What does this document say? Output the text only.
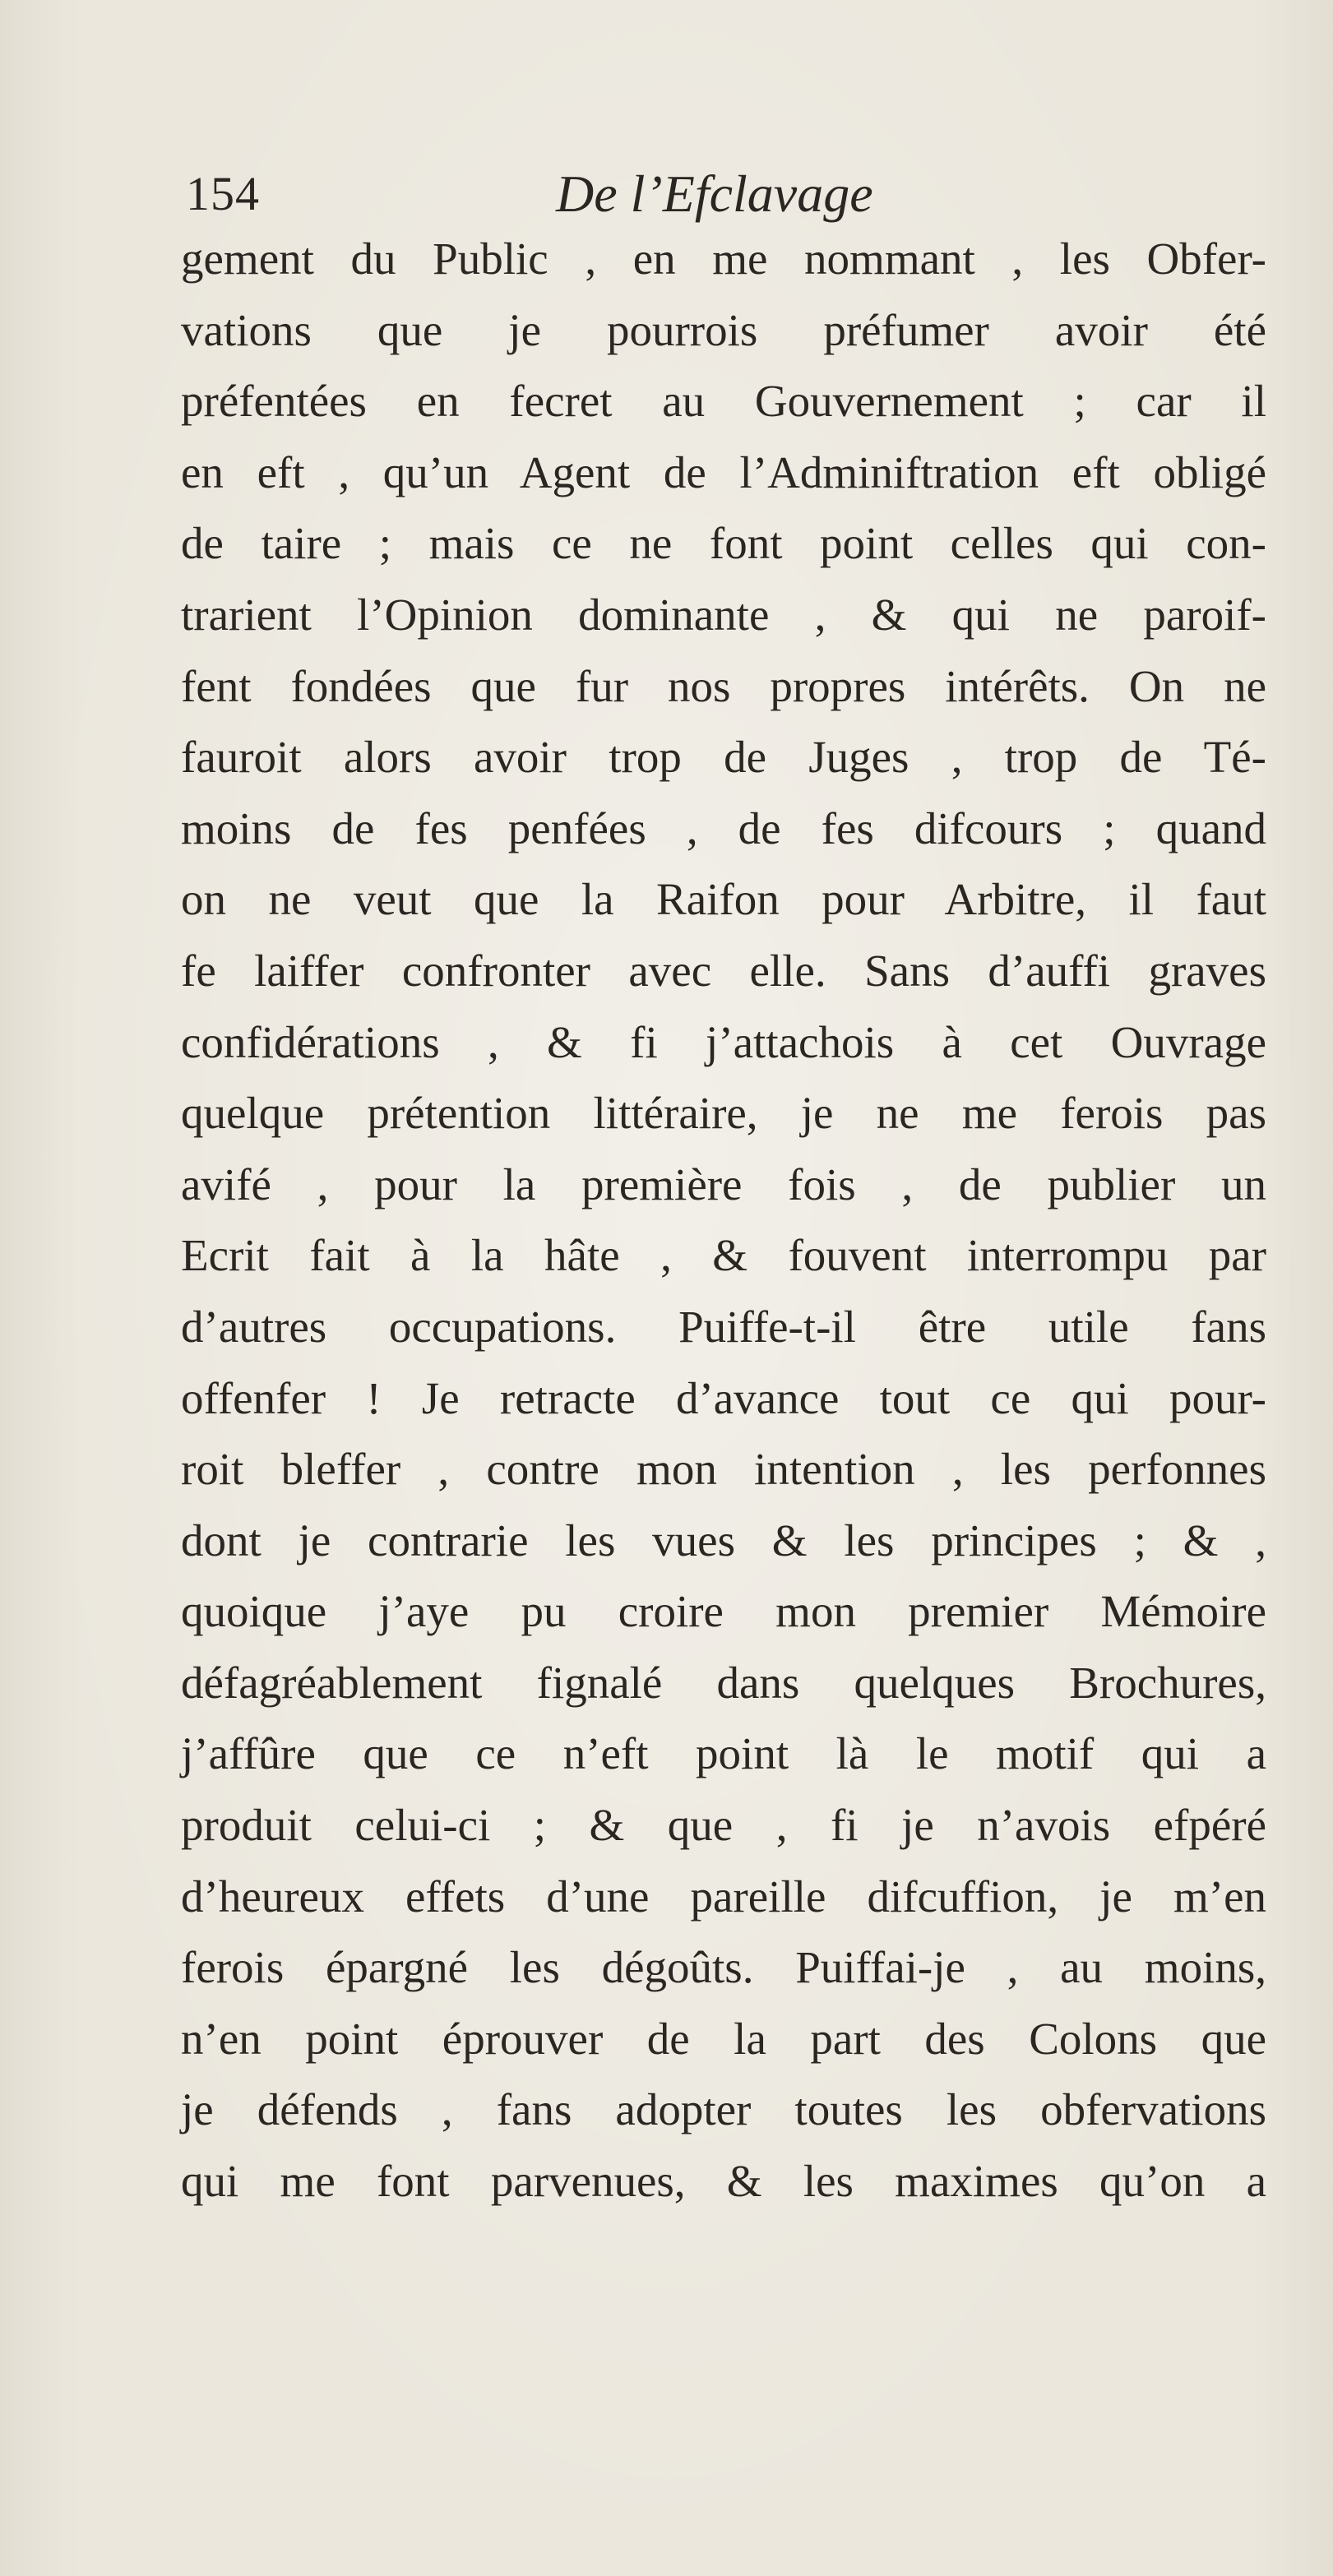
154	De l’Efclavage
gement du Public , en me nommant , les Obfer-
vations que je pourrois préfumer avoir été
préfentées en fecret au Gouvernement ; car il
en eft , qu’un Agent de l’Adminiftration eft obligé
de taire ; mais ce ne font point celles qui con-
trarient l’Opinion dominante , & qui ne paroif-
fent fondées que fur nos propres intérêts. On ne
fauroit alors avoir trop de Juges , trop de Té-
moins de fes penfées , de fes difcours ; quand
on ne veut que la Raifon pour Arbitre, il faut
fe laiffer confronter avec elle. Sans d’auffi graves
confidérations , & fi j’attachois à cet Ouvrage
quelque prétention littéraire, je ne me ferois pas
avifé , pour la première fois , de publier un
Ecrit fait à la hâte , & fouvent interrompu par
d’autres occupations. Puiffe-t-il être utile fans
offenfer ! Je retracte d’avance tout ce qui pour-
roit bleffer , contre mon intention , les perfonnes
dont je contrarie les vues & les principes ; & ,
quoique j’aye pu croire mon premier Mémoire
défagréablement fignalé dans quelques Brochures,
j’affûre que ce n’eft point là le motif qui a
produit celui-ci ; & que , fi je n’avois efpéré
d’heureux effets d’une pareille difcuffion, je m’en
ferois épargné les dégoûts. Puiffai-je , au moins,
n’en point éprouver de la part des Colons que
je défends , fans adopter toutes les obfervations
qui me font parvenues, & les maximes qu’on a
